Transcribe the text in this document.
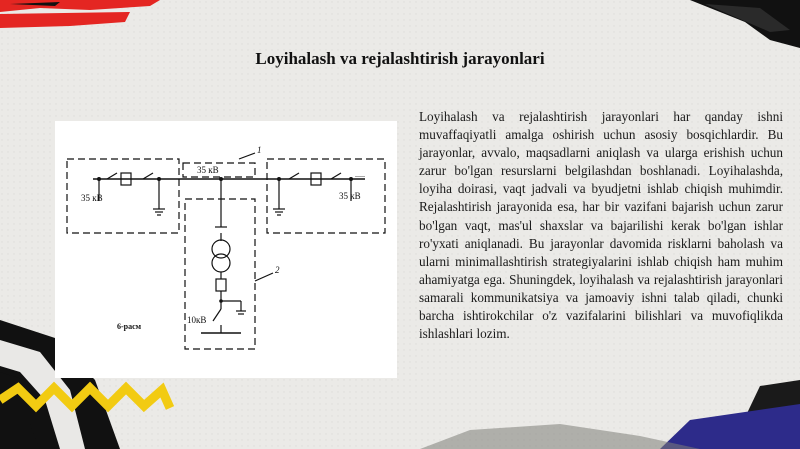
Loyihalash va rejalashtirish jarayonlari
35 кВ
35 кВ
35 кВ
10кВ
1
2
6-расм
.....

Loyihalash va rejalashtirish jarayonlari har qanday ishni muvaffaqiyatli amalga oshirish uchun asosiy bosqichlardir. Bu jarayonlar, avvalo, maqsadlarni aniqlash va ularga erishish uchun zarur bo'lgan resurslarni belgilashdan boshlanadi. Loyihalashda, loyiha doirasi, vaqt jadvali va byudjetni ishlab chiqish muhimdir. Rejalashtirish jarayonida esa, har bir vazifani bajarish uchun zarur bo'lgan vaqt, mas'ul shaxslar va bajarilishi kerak bo'lgan ishlar ro'yxati aniqlanadi. Bu jarayonlar davomida risklarni baholash va ularni minimallashtirish strategiyalarini ishlab chiqish ham muhim ahamiyatga ega. Shuningdek, loyihalash va rejalashtirish jarayonlari samarali kommunikatsiya va jamoaviy ishni talab qiladi, chunki barcha ishtirokchilar o'z vazifalarini bilishlari va muvofiqlikda ishlashlari lozim.
